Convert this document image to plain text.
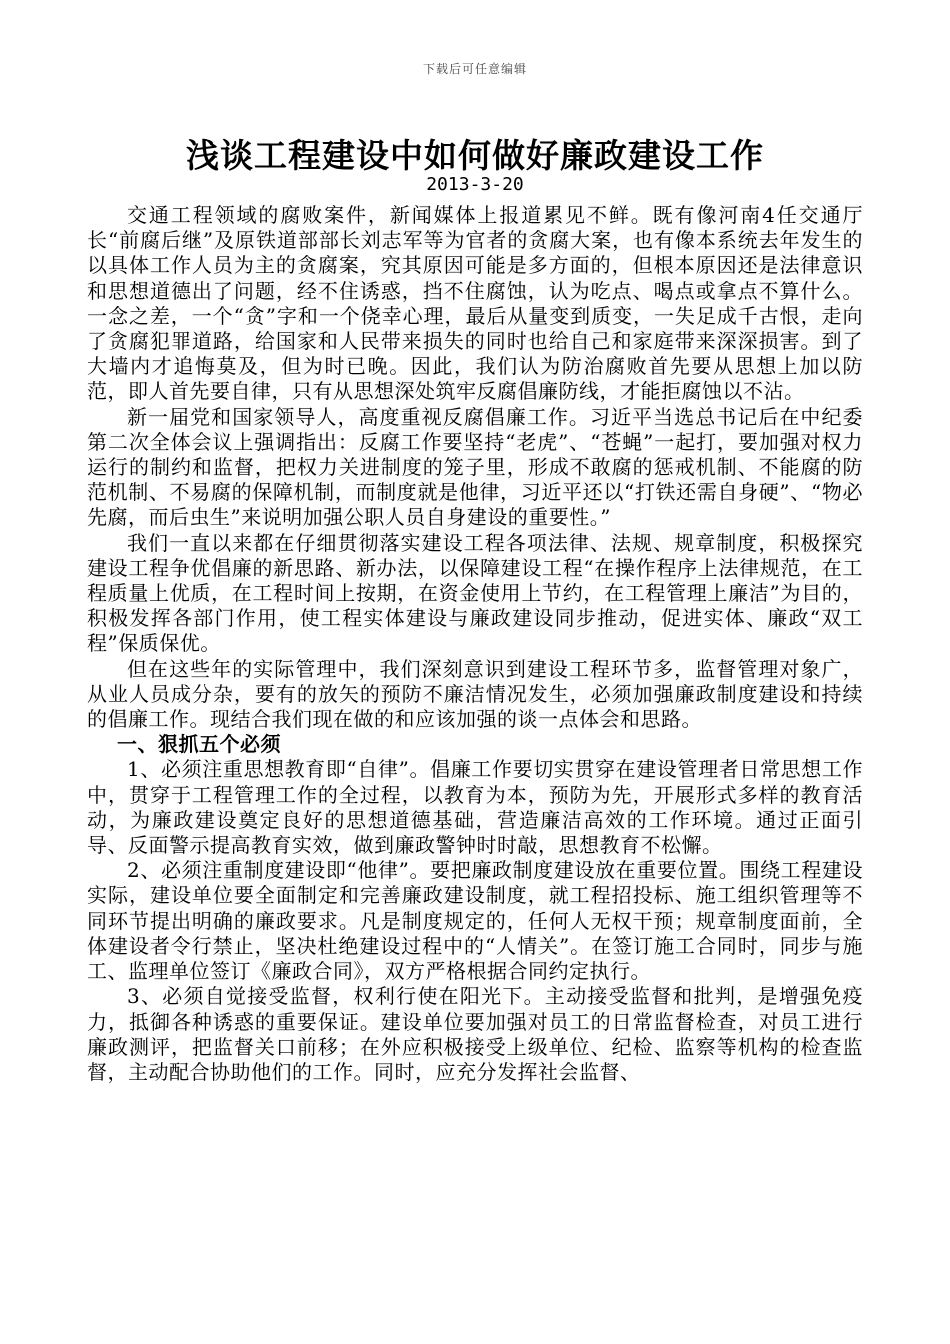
下载后可任意编辑
浅谈工程建设中如何做好廉政建设工作
2013-3-20

交通工程领域的腐败案件，新闻媒体上报道累见不鲜。既有像河南4任交通厅长“前腐后继”及原铁道部部长刘志军等为官者的贪腐大案，也有像本系统去年发生的以具体工作人员为主的贪腐案，究其原因可能是多方面的，但根本原因还是法律意识和思想道德出了问题，经不住诱惑，挡不住腐蚀，认为吃点、喝点或拿点不算什么。一念之差，一个“贪”字和一个侥幸心理，最后从量变到质变，一失足成千古恨，走向了贪腐犯罪道路，给国家和人民带来损失的同时也给自己和家庭带来深深损害。到了大墙内才追悔莫及，但为时已晚。因此，我们认为防治腐败首先要从思想上加以防范，即人首先要自律，只有从思想深处筑牢反腐倡廉防线，才能拒腐蚀以不沾。

新一届党和国家领导人，高度重视反腐倡廉工作。习近平当选总书记后在中纪委第二次全体会议上强调指出：反腐工作要坚持“老虎”、“苍蝇”一起打，要加强对权力运行的制约和监督，把权力关进制度的笼子里，形成不敢腐的惩戒机制、不能腐的防范机制、不易腐的保障机制，而制度就是他律，习近平还以“打铁还需自身硬”、“物必先腐，而后虫生”来说明加强公职人员自身建设的重要性。”

我们一直以来都在仔细贯彻落实建设工程各项法律、法规、规章制度，积极探究建设工程争优倡廉的新思路、新办法，以保障建设工程“在操作程序上法律规范，在工程质量上优质，在工程时间上按期，在资金使用上节约，在工程管理上廉洁”为目的，积极发挥各部门作用，使工程实体建设与廉政建设同步推动，促进实体、廉政“双工程”保质保优。

但在这些年的实际管理中，我们深刻意识到建设工程环节多，监督管理对象广，从业人员成分杂，要有的放矢的预防不廉洁情况发生，必须加强廉政制度建设和持续的倡廉工作。现结合我们现在做的和应该加强的谈一点体会和思路。

一、狠抓五个必须

1、必须注重思想教育即“自律”。倡廉工作要切实贯穿在建设管理者日常思想工作中，贯穿于工程管理工作的全过程，以教育为本，预防为先，开展形式多样的教育活动，为廉政建设奠定良好的思想道德基础，营造廉洁高效的工作环境。通过正面引导、反面警示提高教育实效，做到廉政警钟时时敲，思想教育不松懈。

2、必须注重制度建设即“他律”。要把廉政制度建设放在重要位置。围绕工程建设实际，建设单位要全面制定和完善廉政建设制度，就工程招投标、施工组织管理等不同环节提出明确的廉政要求。凡是制度规定的，任何人无权干预；规章制度面前，全体建设者令行禁止，坚决杜绝建设过程中的“人情关”。在签订施工合同时，同步与施工、监理单位签订《廉政合同》，双方严格根据合同约定执行。

3、必须自觉接受监督，权利行使在阳光下。主动接受监督和批判，是增强免疫力，抵御各种诱惑的重要保证。建设单位要加强对员工的日常监督检查，对员工进行廉政测评，把监督关口前移；在外应积极接受上级单位、纪检、监察等机构的检查监督，主动配合协助他们的工作。同时，应充分发挥社会监督、
